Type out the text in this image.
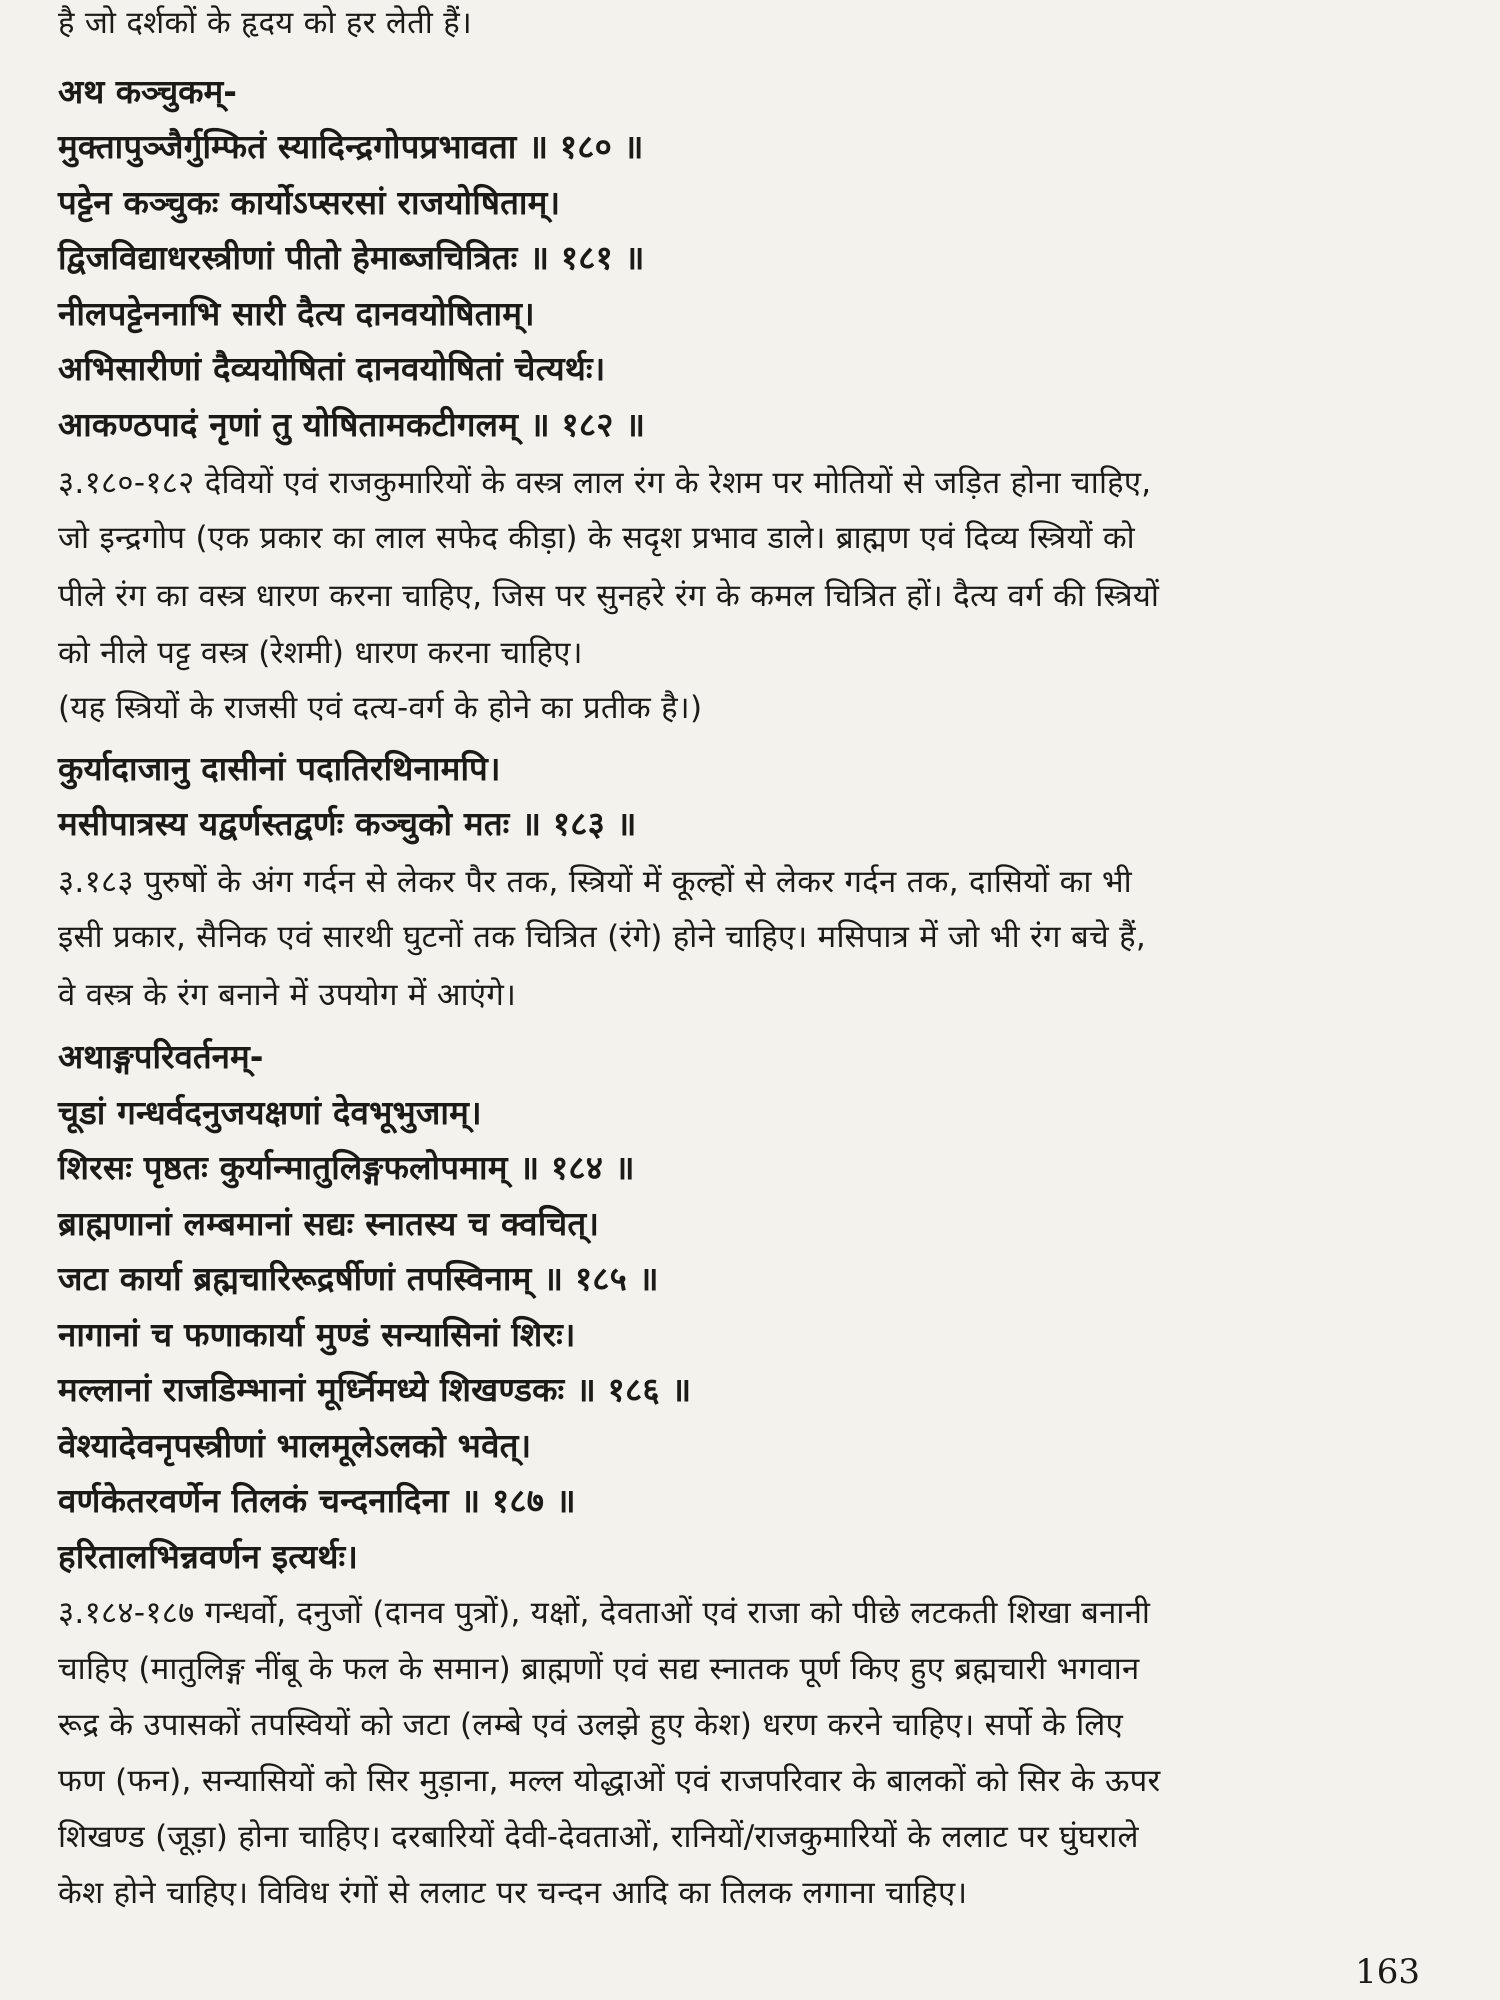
है जो दर्शकों के हृदय को हर लेती हैं।
अथ कञ्चुकम्-
मुक्तापुञ्जैर्गुम्फितं स्यादिन्द्रगोपप्रभावता ॥ १८० ॥
पट्टेन कञ्चुकः कार्योऽप्सरसां राजयोषिताम्।
द्विजविद्याधरस्त्रीणां पीतो हेमाब्जचित्रितः ॥ १८१ ॥
नीलपट्टेननाभि सारी दैत्य दानवयोषिताम्।
अभिसारीणां दैव्ययोषितां दानवयोषितां चेत्यर्थः।
आकण्ठपादं नृणां तु योषितामकटीगलम् ॥ १८२ ॥
३.१८०-१८२ देवियों एवं राजकुमारियों के वस्त्र लाल रंग के रेशम पर मोतियों से जड़ित होना चाहिए,
जो इन्द्रगोप (एक प्रकार का लाल सफेद कीड़ा) के सदृश प्रभाव डाले। ब्राह्मण एवं दिव्य स्त्रियों को
पीले रंग का वस्त्र धारण करना चाहिए, जिस पर सुनहरे रंग के कमल चित्रित हों। दैत्य वर्ग की स्त्रियों
को नीले पट्ट वस्त्र (रेशमी) धारण करना चाहिए।
(यह स्त्रियों के राजसी एवं दत्य-वर्ग के होने का प्रतीक है।)
कुर्यादाजानु दासीनां पदातिरथिनामपि।
मसीपात्रस्य यद्वर्णस्तद्वर्णः कञ्चुको मतः ॥ १८३ ॥
३.१८३ पुरुषों के अंग गर्दन से लेकर पैर तक, स्त्रियों में कूल्हों से लेकर गर्दन तक, दासियों का भी
इसी प्रकार, सैनिक एवं सारथी घुटनों तक चित्रित (रंगे) होने चाहिए। मसिपात्र में जो भी रंग बचे हैं,
वे वस्त्र के रंग बनाने में उपयोग में आएंगे।
अथाङ्गपरिवर्तनम्-
चूडां गन्धर्वदनुजयक्षणां देवभूभुजाम्।
शिरसः पृष्ठतः कुर्यान्मातुलिङ्गफलोपमाम् ॥ १८४ ॥
ब्राह्मणानां लम्बमानां सद्यः स्नातस्य च क्वचित्।
जटा कार्या ब्रह्मचारिरूद्रर्षीणां तपस्विनाम् ॥ १८५ ॥
नागानां च फणाकार्या मुण्डं सन्यासिनां शिरः।
मल्लानां राजडिम्भानां मूर्ध्निमध्ये शिखण्डकः ॥ १८६ ॥
वेश्यादेवनृपस्त्रीणां भालमूलेऽलको भवेत्।
वर्णकेतरवर्णेन तिलकं चन्दनादिना ॥ १८७ ॥
हरितालभिन्नवर्णन इत्यर्थः।
३.१८४-१८७ गन्धर्वो, दनुजों (दानव पुत्रों), यक्षों, देवताओं एवं राजा को पीछे लटकती शिखा बनानी
चाहिए (मातुलिङ्ग नींबू के फल के समान) ब्राह्मणों एवं सद्य स्नातक पूर्ण किए हुए ब्रह्मचारी भगवान
रूद्र के उपासकों तपस्वियों को जटा (लम्बे एवं उलझे हुए केश) धरण करने चाहिए। सर्पो के लिए
फण (फन), सन्यासियों को सिर मुड़ाना, मल्ल योद्धाओं एवं राजपरिवार के बालकों को सिर के ऊपर
शिखण्ड (जूड़ा) होना चाहिए। दरबारियों देवी-देवताओं, रानियों/राजकुमारियों के ललाट पर घुंघराले
केश होने चाहिए। विविध रंगों से ललाट पर चन्दन आदि का तिलक लगाना चाहिए।
163
